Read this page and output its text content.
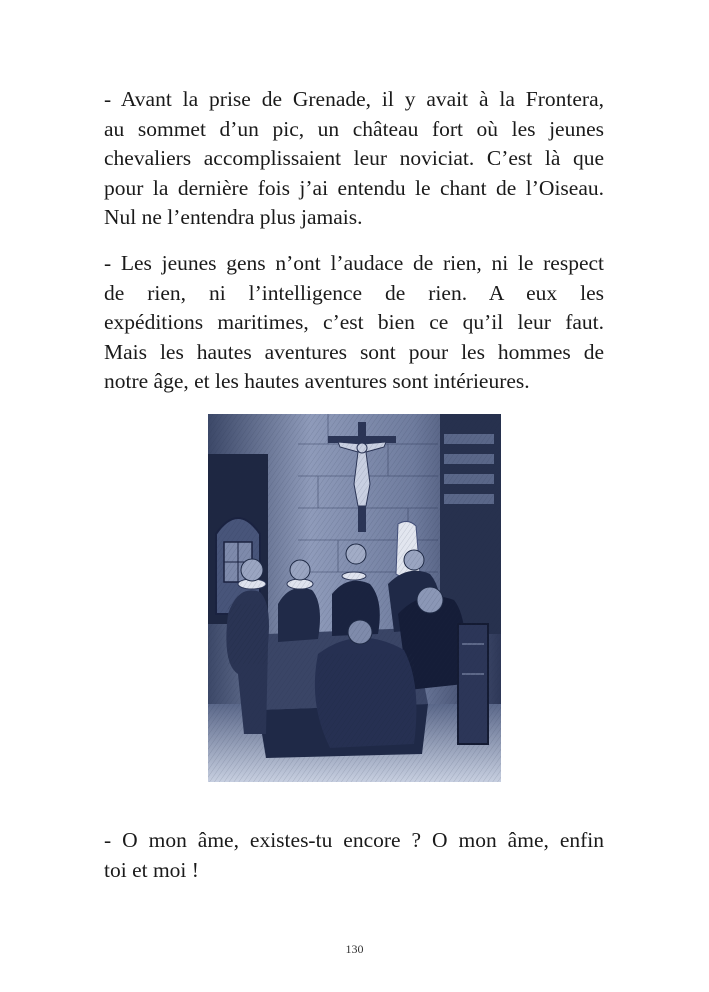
- Avant la prise de Grenade, il y avait à la Frontera,
au sommet d’un pic, un château fort où les jeunes
chevaliers accomplissaient leur noviciat. C’est là que
pour la dernière fois j’ai entendu le chant de l’Oiseau.
Nul ne l’entendra plus jamais.

- Les jeunes gens n’ont l’audace de rien, ni le respect
de rien, ni l’intelligence de rien. A eux les
expéditions maritimes, c’est bien ce qu’il leur faut.
Mais les hautes aventures sont pour les hommes de
notre âge, et les hautes aventures sont intérieures.

- O mon âme, existes-tu encore ? O mon âme, enfin
toi et moi !

130
